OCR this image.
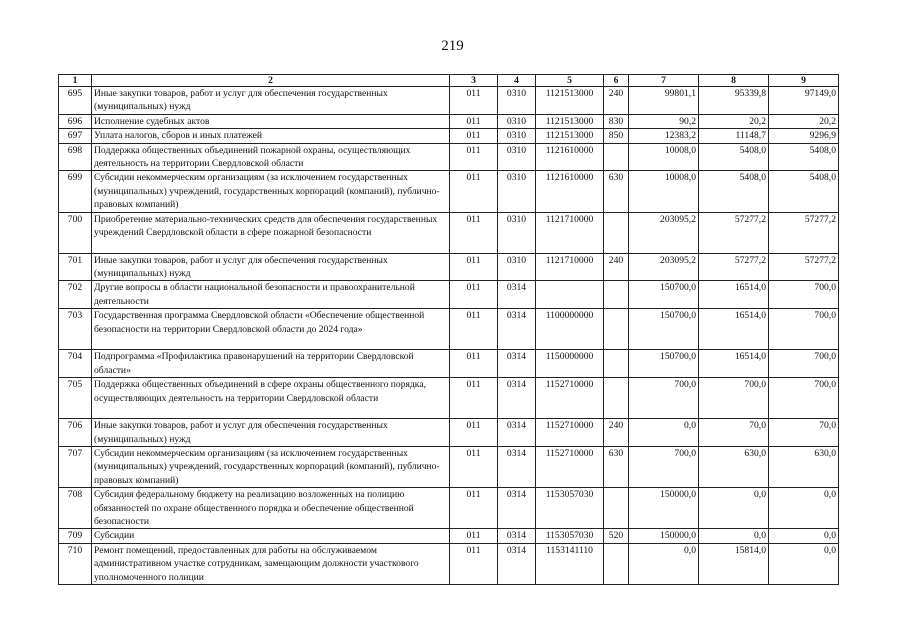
219
1	2	3	4	5	6	7	8	9
695	Иные закупки товаров, работ и услуг для обеспечения государственных (муниципальных) нужд	011	0310	1121513000	240	99801,1	95339,8	97149,0
696	Исполнение судебных актов	011	0310	1121513000	830	90,2	20,2	20,2
697	Уплата налогов, сборов и иных платежей	011	0310	1121513000	850	12383,2	11148,7	9296,9
698	Поддержка общественных объединений пожарной охраны, осуществляющих деятельность на территории Свердловской области	011	0310	1121610000		10008,0	5408,0	5408,0
699	Субсидии некоммерческим организациям (за исключением государственных (муниципальных) учреждений, государственных корпораций (компаний), публично-правовых компаний)	011	0310	1121610000	630	10008,0	5408,0	5408,0
700	Приобретение материально-технических средств для обеспечения государственных учреждений Свердловской области в сфере пожарной безопасности	011	0310	1121710000		203095,2	57277,2	57277,2
701	Иные закупки товаров, работ и услуг для обеспечения государственных (муниципальных) нужд	011	0310	1121710000	240	203095,2	57277,2	57277,2
702	Другие вопросы в области национальной безопасности и правоохранительной деятельности	011	0314			150700,0	16514,0	700,0
703	Государственная программа Свердловской области «Обеспечение общественной безопасности на территории Свердловской области до 2024 года»	011	0314	1100000000		150700,0	16514,0	700,0
704	Подпрограмма «Профилактика правонарушений на территории Свердловской области»	011	0314	1150000000		150700,0	16514,0	700,0
705	Поддержка общественных объединений в сфере охраны общественного порядка, осуществляющих деятельность на территории Свердловской области	011	0314	1152710000		700,0	700,0	700,0
706	Иные закупки товаров, работ и услуг для обеспечения государственных (муниципальных) нужд	011	0314	1152710000	240	0,0	70,0	70,0
707	Субсидии некоммерческим организациям (за исключением государственных (муниципальных) учреждений, государственных корпораций (компаний), публично-правовых компаний)	011	0314	1152710000	630	700,0	630,0	630,0
708	Субсидия федеральному бюджету на реализацию возложенных на полицию обязанностей по охране общественного порядка и обеспечение общественной безопасности	011	0314	1153057030		150000,0	0,0	0,0
709	Субсидии	011	0314	1153057030	520	150000,0	0,0	0,0
710	Ремонт помещений, предоставленных для работы на обслуживаемом административном участке сотрудникам, замещающим должности участкового уполномоченного полиции	011	0314	1153141110		0,0	15814,0	0,0
